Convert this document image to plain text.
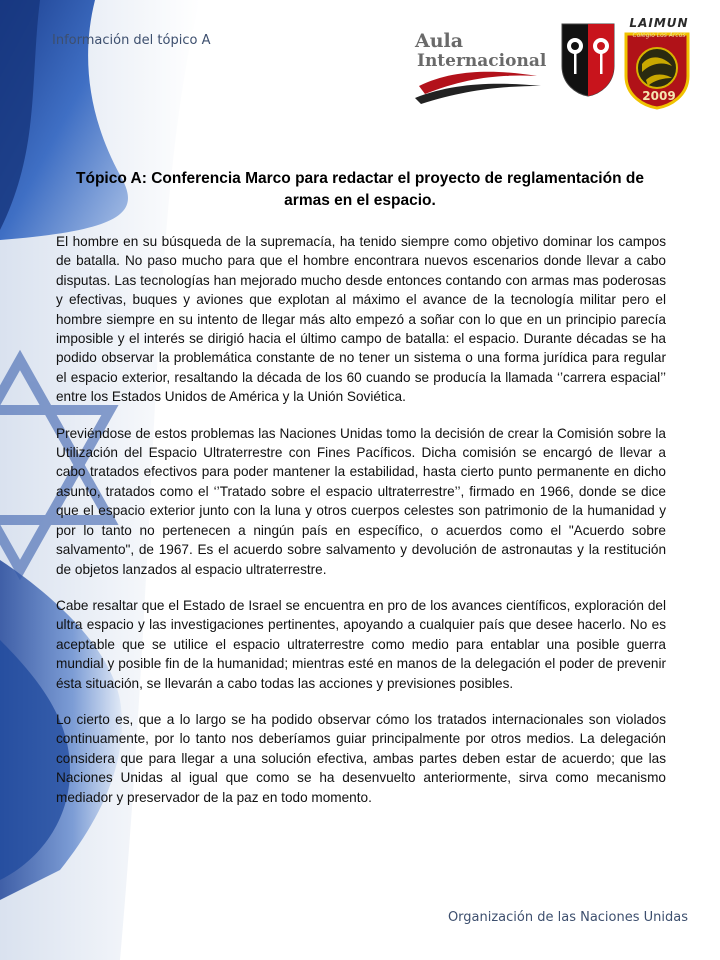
Información del tópico A	Aula
Internacional
LAIMUN
Colegio Los Arcos
2009
Tópico A: Conferencia Marco para redactar el proyecto de reglamentación de armas en el espacio.

El hombre en su búsqueda de la supremacía, ha tenido siempre como objetivo dominar los campos de batalla. No paso mucho para que el hombre encontrara nuevos escenarios donde llevar a cabo disputas. Las tecnologías han mejorado mucho desde entonces contando con armas mas poderosas y efectivas, buques y aviones que explotan al máximo el avance de la tecnología militar pero el hombre siempre en su intento de llegar más alto empezó a soñar con lo que en un principio parecía imposible y el interés se dirigió hacia el último campo de batalla: el espacio. Durante décadas se ha podido observar la problemática constante de no tener un sistema o una forma jurídica para regular el espacio exterior, resaltando la década de los 60 cuando se producía la llamada ‘’carrera espacial’’ entre los Estados Unidos de América y la Unión Soviética.

Previéndose de estos problemas las Naciones Unidas tomo la decisión de crear la Comisión sobre la Utilización del Espacio Ultraterrestre con Fines Pacíficos. Dicha comisión se encargó de llevar a cabo tratados efectivos para poder mantener la estabilidad, hasta cierto punto permanente en dicho asunto, tratados como el ‘’Tratado sobre el espacio ultraterrestre’’, firmado en 1966, donde se dice que el espacio exterior junto con la luna y otros cuerpos celestes son patrimonio de la humanidad y por lo tanto no pertenecen a ningún país en específico, o acuerdos como el "Acuerdo sobre salvamento", de 1967. Es el acuerdo sobre salvamento y devolución de astronautas y la restitución de objetos lanzados al espacio ultraterrestre.

Cabe resaltar que el Estado de Israel se encuentra en pro de los avances científicos, exploración del ultra espacio y las investigaciones pertinentes, apoyando a cualquier país que desee hacerlo. No es aceptable que se utilice el espacio ultraterrestre como medio para entablar una posible guerra mundial y posible fin de la humanidad; mientras esté en manos de la delegación el poder de prevenir ésta situación, se llevarán a cabo todas las acciones y previsiones posibles.

Lo cierto es, que a lo largo se ha podido observar cómo los tratados internacionales son violados continuamente, por lo tanto nos deberíamos guiar principalmente por otros medios. La delegación considera que para llegar a una solución efectiva, ambas partes deben estar de acuerdo; que las Naciones Unidas al igual que como se ha desenvuelto anteriormente, sirva como mecanismo mediador y preservador de la paz en todo momento.

Organización de las Naciones Unidas
